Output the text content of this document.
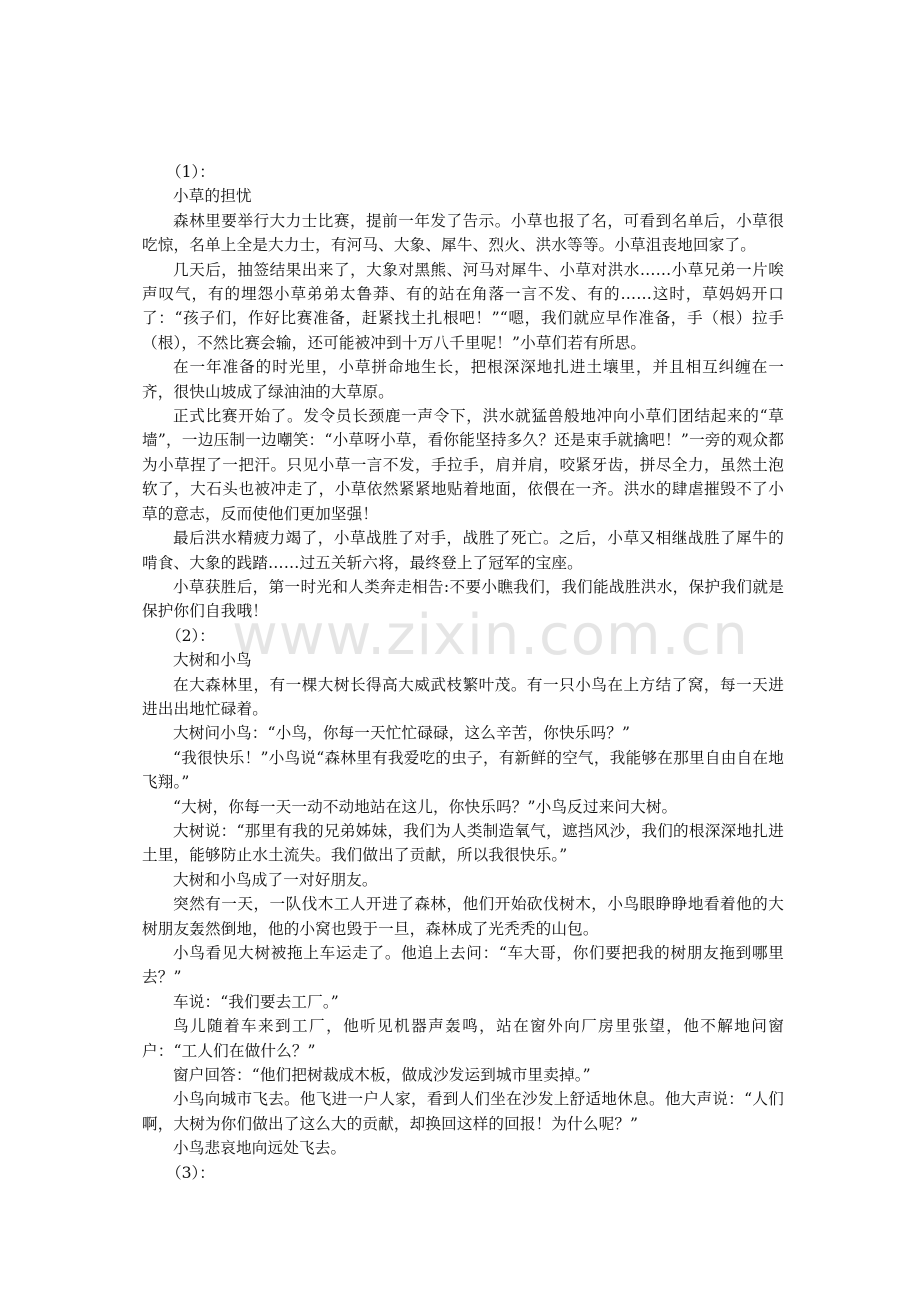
www.zixin.com.cn

（1）：

小草的担忧

森林里要举行大力士比赛，提前一年发了告示。小草也报了名，可看到名单后，小草很吃惊，名单上全是大力士，有河马、大象、犀牛、烈火、洪水等等。小草沮丧地回家了。

几天后，抽签结果出来了，大象对黑熊、河马对犀牛、小草对洪水……小草兄弟一片唉声叹气，有的埋怨小草弟弟太鲁莽、有的站在角落一言不发、有的……这时，草妈妈开口了：“孩子们，作好比赛准备，赶紧找土扎根吧！”“嗯，我们就应早作准备，手（根）拉手（根），不然比赛会输，还可能被冲到十万八千里呢！”小草们若有所思。

在一年准备的时光里，小草拼命地生长，把根深深地扎进土壤里，并且相互纠缠在一齐，很快山坡成了绿油油的大草原。

正式比赛开始了。发令员长颈鹿一声令下，洪水就猛兽般地冲向小草们团结起来的“草墙”，一边压制一边嘲笑：“小草呀小草，看你能坚持多久？还是束手就擒吧！”一旁的观众都为小草捏了一把汗。只见小草一言不发，手拉手，肩并肩，咬紧牙齿，拼尽全力，虽然土泡软了，大石头也被冲走了，小草依然紧紧地贴着地面，依偎在一齐。洪水的肆虐摧毁不了小草的意志，反而使他们更加坚强！

最后洪水精疲力竭了，小草战胜了对手，战胜了死亡。之后，小草又相继战胜了犀牛的啃食、大象的践踏……过五关斩六将，最终登上了冠军的宝座。

小草获胜后，第一时光和人类奔走相告:不要小瞧我们，我们能战胜洪水，保护我们就是保护你们自我哦！

（2）：

大树和小鸟

在大森林里，有一棵大树长得高大威武枝繁叶茂。有一只小鸟在上方结了窝，每一天进进出出地忙碌着。

大树问小鸟：“小鸟，你每一天忙忙碌碌，这么辛苦，你快乐吗？”

“我很快乐！”小鸟说“森林里有我爱吃的虫子，有新鲜的空气，我能够在那里自由自在地飞翔。”

“大树，你每一天一动不动地站在这儿，你快乐吗？”小鸟反过来问大树。

大树说：“那里有我的兄弟姊妹，我们为人类制造氧气，遮挡风沙，我们的根深深地扎进土里，能够防止水土流失。我们做出了贡献，所以我很快乐。”

大树和小鸟成了一对好朋友。

突然有一天，一队伐木工人开进了森林，他们开始砍伐树木，小鸟眼睁睁地看着他的大树朋友轰然倒地，他的小窝也毁于一旦，森林成了光秃秃的山包。

小鸟看见大树被拖上车运走了。他追上去问：“车大哥，你们要把我的树朋友拖到哪里去？”

车说：“我们要去工厂。”

鸟儿随着车来到工厂，他听见机器声轰鸣，站在窗外向厂房里张望，他不解地问窗户：“工人们在做什么？”

窗户回答：“他们把树裁成木板，做成沙发运到城市里卖掉。”

小鸟向城市飞去。他飞进一户人家，看到人们坐在沙发上舒适地休息。他大声说：“人们啊，大树为你们做出了这么大的贡献，却换回这样的回报！为什么呢？”

小鸟悲哀地向远处飞去。

（3）：
